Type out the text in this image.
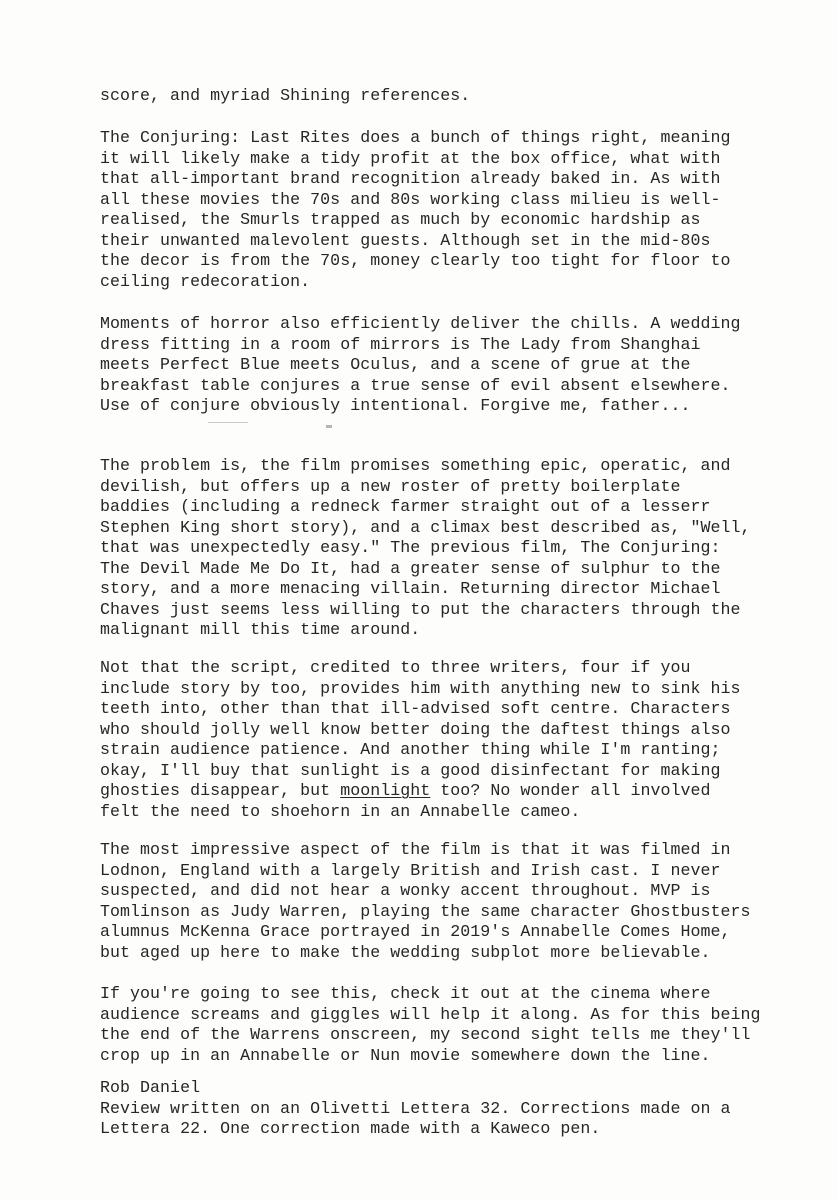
score, and myriad Shining references.
The Conjuring: Last Rites does a bunch of things right, meaning
it will likely make a tidy profit at the box office, what with
that all-important brand recognition already baked in. As with
all these movies the 70s and 80s working class milieu is well-
realised, the Smurls trapped as much by economic hardship as
their unwanted malevolent guests. Although set in the mid-80s
the decor is from the 70s, money clearly too tight for floor to
ceiling redecoration.
Moments of horror also efficiently deliver the chills. A wedding
dress fitting in a room of mirrors is The Lady from Shanghai
meets Perfect Blue meets Oculus, and a scene of grue at the
breakfast table conjures a true sense of evil absent elsewhere.
Use of conjure obviously intentional. Forgive me, father...
The problem is, the film promises something epic, operatic, and
devilish, but offers up a new roster of pretty boilerplate
baddies (including a redneck farmer straight out of a lesserr
Stephen King short story), and a climax best described as, "Well,
that was unexpectedly easy." The previous film, The Conjuring:
The Devil Made Me Do It, had a greater sense of sulphur to the
story, and a more menacing villain. Returning director Michael
Chaves just seems less willing to put the characters through the
malignant mill this time around.
Not that the script, credited to three writers, four if you
include story by too, provides him with anything new to sink his
teeth into, other than that ill-advised soft centre. Characters
who should jolly well know better doing the daftest things also
strain audience patience. And another thing while I'm ranting;
okay, I'll buy that sunlight is a good disinfectant for making
ghosties disappear, but moonlight too? No wonder all involved
felt the need to shoehorn in an Annabelle cameo.
The most impressive aspect of the film is that it was filmed in
Lodnon, England with a largely British and Irish cast. I never
suspected, and did not hear a wonky accent throughout. MVP is
Tomlinson as Judy Warren, playing the same character Ghostbusters
alumnus McKenna Grace portrayed in 2019's Annabelle Comes Home,
but aged up here to make the wedding subplot more believable.
If you're going to see this, check it out at the cinema where
audience screams and giggles will help it along. As for this being
the end of the Warrens onscreen, my second sight tells me they'll
crop up in an Annabelle or Nun movie somewhere down the line.
Rob Daniel
Review written on an Olivetti Lettera 32. Corrections made on a
Lettera 22. One correction made with a Kaweco pen.
